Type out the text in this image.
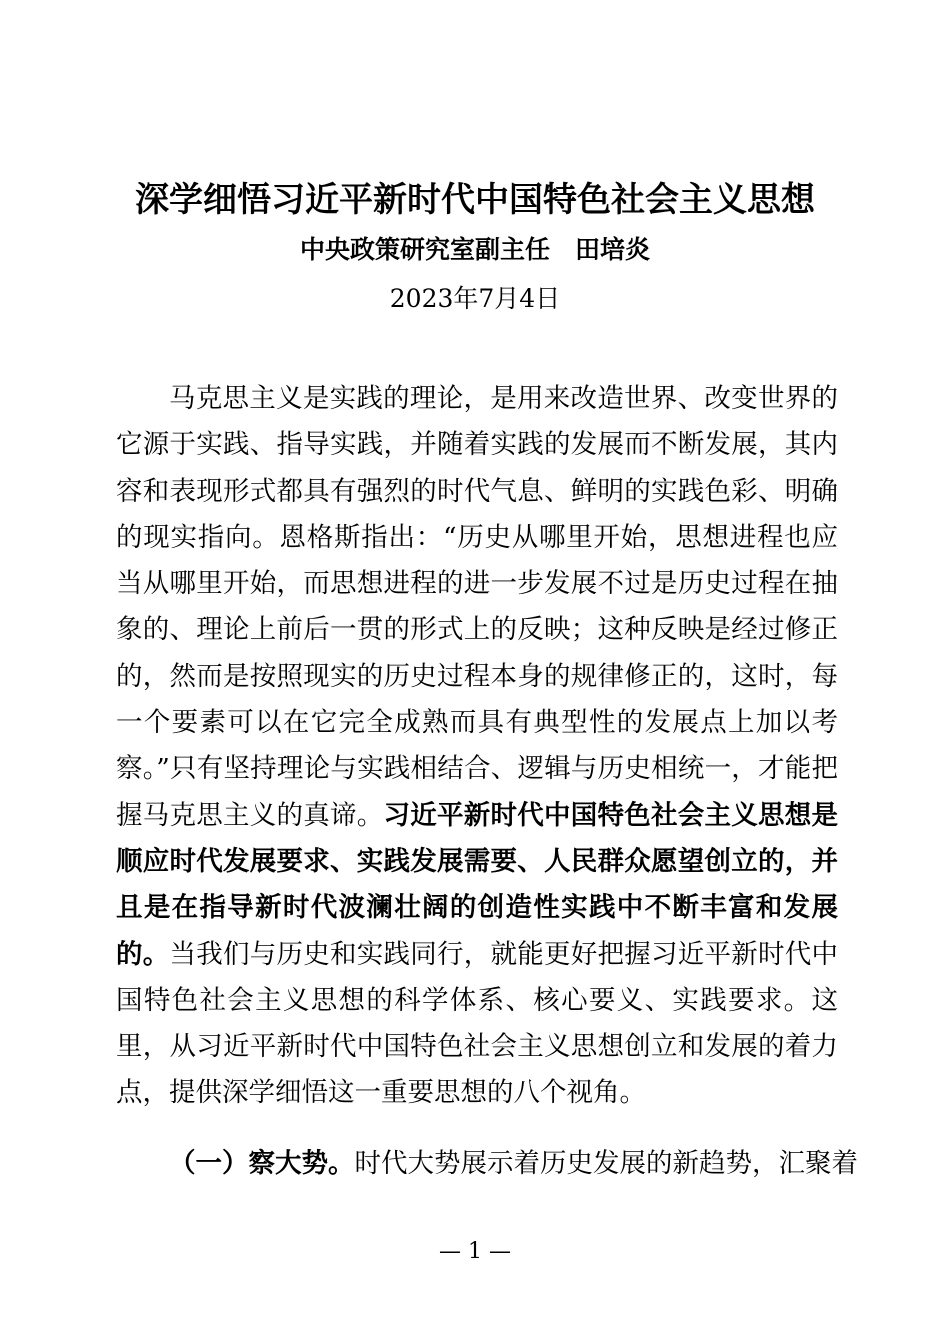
深学细悟习近平新时代中国特色社会主义思想
中央政策研究室副主任　田培炎
2023年7月4日

马克思主义是实践的理论，是用来改造世界、改变世界的它源于实践、指导实践，并随着实践的发展而不断发展，其内容和表现形式都具有强烈的时代气息、鲜明的实践色彩、明确的现实指向。恩格斯指出：“历史从哪里开始，思想进程也应当从哪里开始，而思想进程的进一步发展不过是历史过程在抽象的、理论上前后一贯的形式上的反映；这种反映是经过修正的，然而是按照现实的历史过程本身的规律修正的，这时，每一个要素可以在它完全成熟而具有典型性的发展点上加以考察。”只有坚持理论与实践相结合、逻辑与历史相统一，才能把握马克思主义的真谛。习近平新时代中国特色社会主义思想是顺应时代发展要求、实践发展需要、人民群众愿望创立的，并且是在指导新时代波澜壮阔的创造性实践中不断丰富和发展的。当我们与历史和实践同行，就能更好把握习近平新时代中国特色社会主义思想的科学体系、核心要义、实践要求。这里，从习近平新时代中国特色社会主义思想创立和发展的着力点，提供深学细悟这一重要思想的八个视角。

（一）察大势。时代大势展示着历史发展的新趋势，汇聚着

— 1 —
